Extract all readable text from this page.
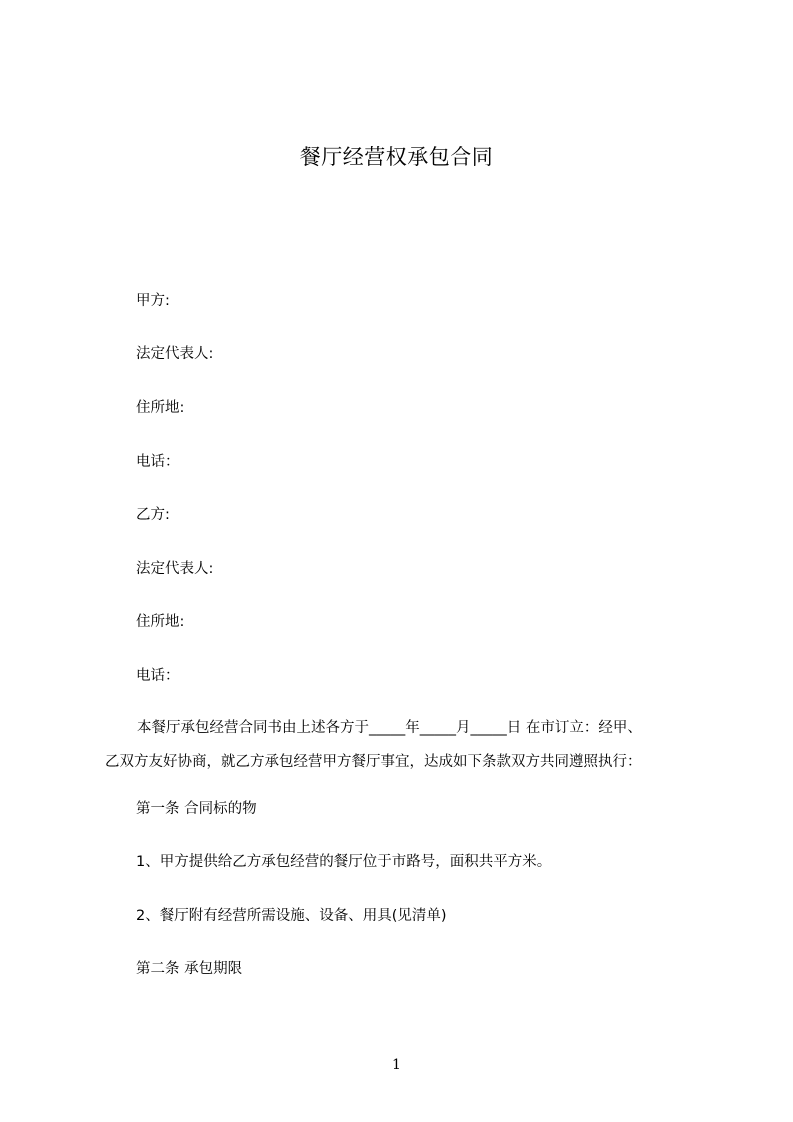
餐厅经营权承包合同
甲方:
法定代表人:
住所地:
电话：
乙方:
法定代表人:
住所地:
电话：
本餐厅承包经营合同书由上述各方于_____年_____月_____日 在市订立：经甲、
乙双方友好协商，就乙方承包经营甲方餐厅事宜，达成如下条款双方共同遵照执行：
第一条 合同标的物
1、甲方提供给乙方承包经营的餐厅位于市路号，面积共平方米。
2、餐厅附有经营所需设施、设备、用具(见清单)
第二条 承包期限
1
